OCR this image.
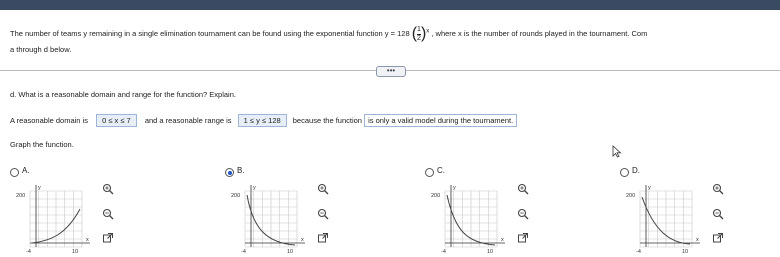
The number of teams y remaining in a single elimination tournament can be found using the exponential function y = 128 $(\frac{1}{2})^x$ , where x is the number of rounds played in the tournament. Com
a through d below.
•••
d. What is a reasonable domain and range for the function? Explain.
A reasonable domain is 0 ≤ x ≤ 7 and a reasonable range is 1 ≤ y ≤ 128 because the function is only a valid model during the tournament.
Graph the function.
A.
200
y
x
-4	10
B.
200
y
x
-4	10
C.
200
y
x
-4	10
D.
200
y
x
-4	10
